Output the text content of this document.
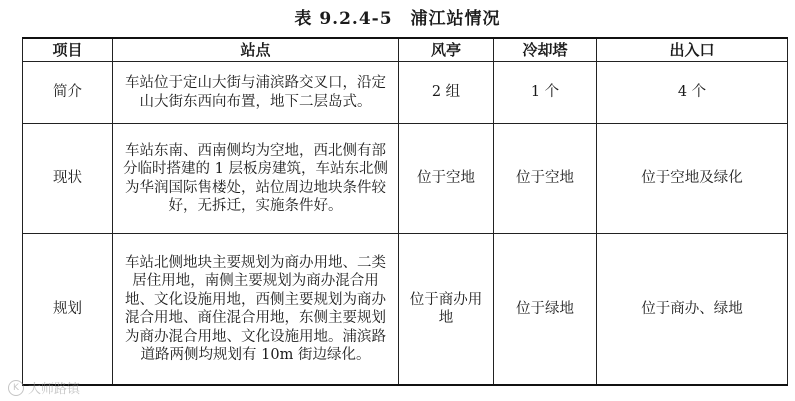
表 9.2.4-5　浦江站情况
项目	站点	风亭	冷却塔	出入口
简介	车站位于定山大街与浦滨路交叉口，沿定山大街东西向布置，地下二层岛式。	2 组	1 个	4 个
现状	车站东南、西南侧均为空地，西北侧有部分临时搭建的 1 层板房建筑，车站东北侧为华润国际售楼处，站位周边地块条件较好，无拆迁，实施条件好。	位于空地	位于空地	位于空地及绿化
规划	车站北侧地块主要规划为商办用地、二类居住用地，南侧主要规划为商办混合用地、文化设施用地，西侧主要规划为商办混合用地、商住混合用地，东侧主要规划为商办混合用地、文化设施用地。浦滨路道路两侧均规划有 10m 街边绿化。	位于商办用地	位于绿地	位于商办、绿地
K 大师路镇
